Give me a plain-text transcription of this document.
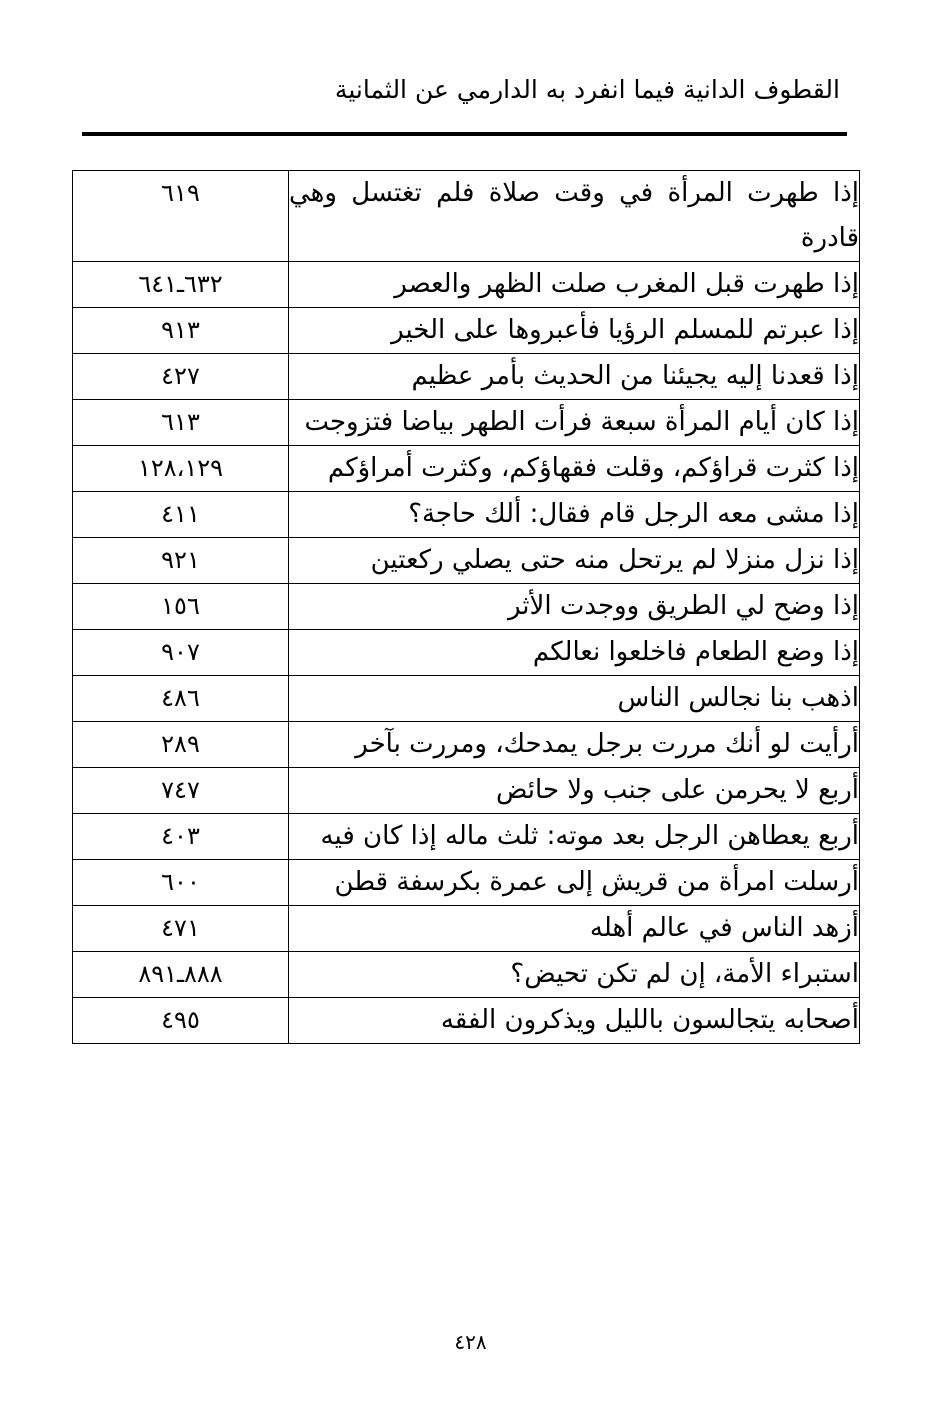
القطوف الدانية فيما انفرد به الدارمي عن الثمانية
إذا طهرت المرأة في وقت صلاة فلم تغتسل وهي قادرة	٦١٩
إذا طهرت قبل المغرب صلت الظهر والعصر	٦٣٢ـ٦٤١
إذا عبرتم للمسلم الرؤيا فأعبروها على الخير	٩١٣
إذا قعدنا إليه يجيئنا من الحديث بأمر عظيم	٤٢٧
إذا كان أيام المرأة سبعة فرأت الطهر بياضا فتزوجت	٦١٣
إذا كثرت قراؤكم، وقلت فقهاؤكم، وكثرت أمراؤكم	١٢٨،١٢٩
إذا مشى معه الرجل قام فقال: ألك حاجة؟	٤١١
إذا نزل منزلا لم يرتحل منه حتى يصلي ركعتين	٩٢١
إذا وضح لي الطريق ووجدت الأثر	١٥٦
إذا وضع الطعام فاخلعوا نعالكم	٩٠٧
اذهب بنا نجالس الناس	٤٨٦
أرأيت لو أنك مررت برجل يمدحك، ومررت بآخر	٢٨٩
أربع لا يحرمن على جنب ولا حائض	٧٤٧
أربع يعطاهن الرجل بعد موته: ثلث ماله إذا كان فيه	٤٠٣
أرسلت امرأة من قريش إلى عمرة بكرسفة قطن	٦٠٠
أزهد الناس في عالم أهله	٤٧١
استبراء الأمة، إن لم تكن تحيض؟	٨٨٨ـ٨٩١
أصحابه يتجالسون بالليل ويذكرون الفقه	٤٩٥
٤٢٨
